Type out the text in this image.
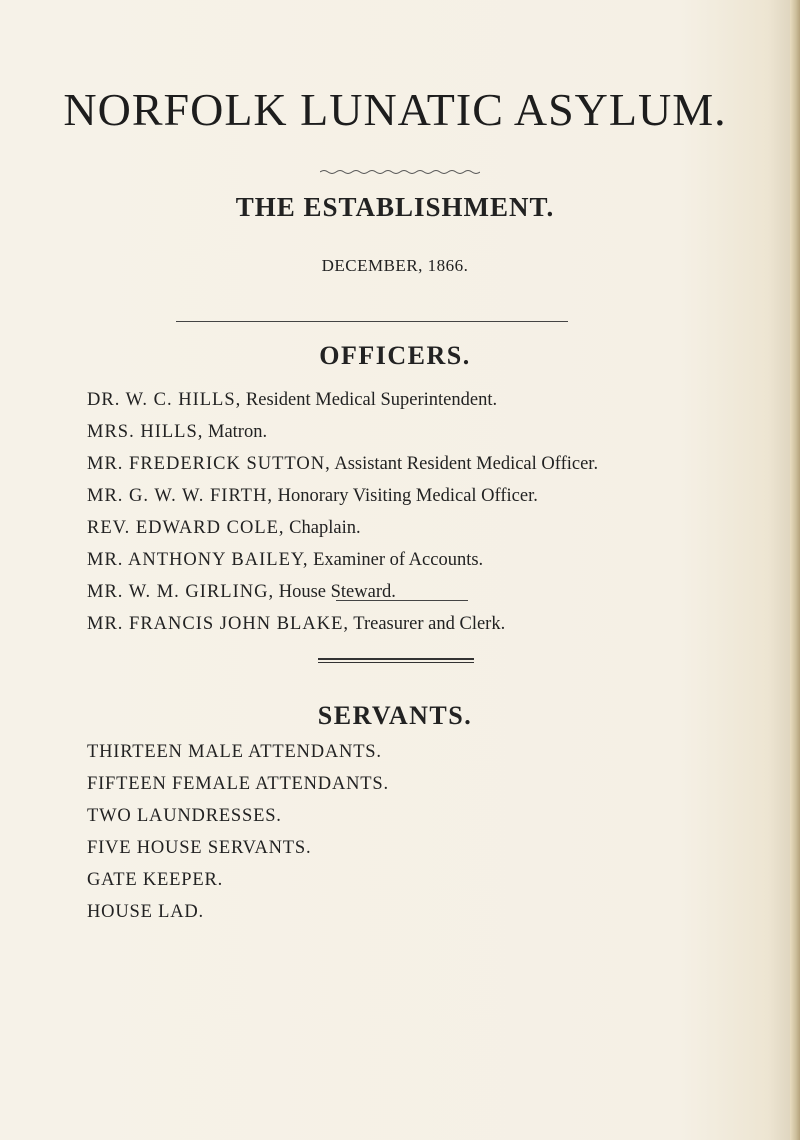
NORFOLK LUNATIC ASYLUM.
THE ESTABLISHMENT.
DECEMBER, 1866.
OFFICERS.

DR. W. C. HILLS, Resident Medical Superintendent.

MRS. HILLS, Matron.

MR. FREDERICK SUTTON, Assistant Resident Medical Officer.

MR. G. W. W. FIRTH, Honorary Visiting Medical Officer.

REV. EDWARD COLE, Chaplain.

MR. ANTHONY BAILEY, Examiner of Accounts.

MR. W. M. GIRLING, House Steward.

MR. FRANCIS JOHN BLAKE, Treasurer and Clerk.

SERVANTS.

THIRTEEN MALE ATTENDANTS.

FIFTEEN FEMALE ATTENDANTS.

TWO LAUNDRESSES.

FIVE HOUSE SERVANTS.

GATE KEEPER.

HOUSE LAD.
